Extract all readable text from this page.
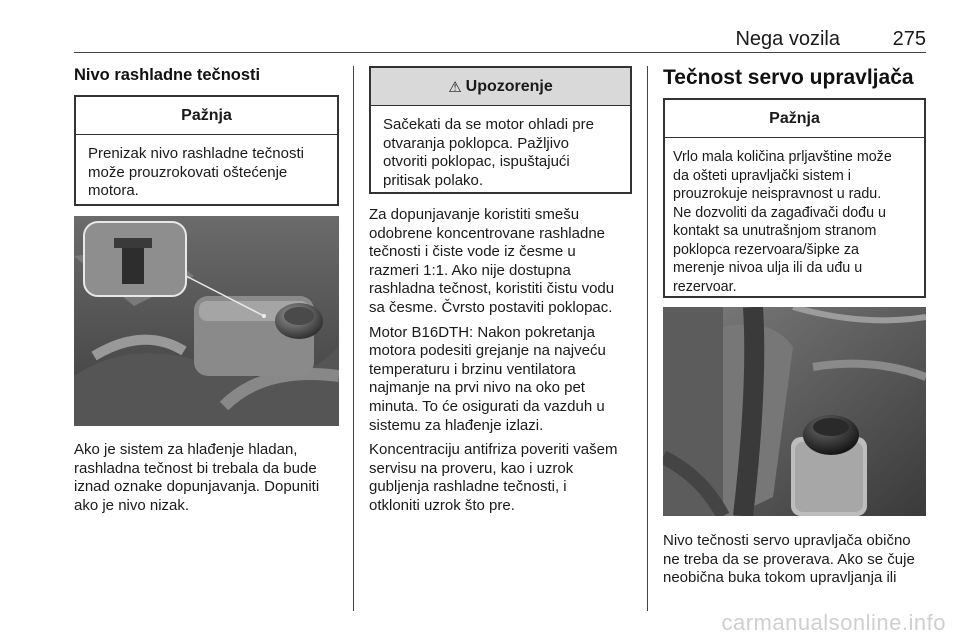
Nega vozila	275
Nivo rashladne tečnosti
Pažnja
Prenizak nivo rashladne tečnosti
može prouzrokovati oštećenje
motora.
Ako je sistem za hlađenje hladan,
rashladna tečnost bi trebala da bude
iznad oznake dopunjavanja. Dopuniti
ako je nivo nizak.
⚠ Upozorenje
Sačekati da se motor ohladi pre
otvaranja poklopca. Pažljivo
otvoriti poklopac, ispuštajući
pritisak polako.

Za dopunjavanje koristiti smešu
odobrene koncentrovane rashladne
tečnosti i čiste vode iz česme u
razmeri 1:1. Ako nije dostupna
rashladna tečnost, koristiti čistu vodu
sa česme. Čvrsto postaviti poklopac.

Motor B16DTH: Nakon pokretanja
motora podesiti grejanje na najveću
temperaturu i brzinu ventilatora
najmanje na prvi nivo na oko pet
minuta. To će osigurati da vazduh u
sistemu za hlađenje izlazi.

Koncentraciju antifriza poveriti vašem
servisu na proveru, kao i uzrok
gubljenja rashladne tečnosti, i
otkloniti uzrok što pre.

Tečnost servo upravljača
Pažnja
Vrlo mala količina prljavštine može
da ošteti upravljački sistem i
prouzrokuje neispravnost u radu.
Ne dozvoliti da zagađivači dođu u
kontakt sa unutrašnjom stranom
poklopca rezervoara/šipke za
merenje nivoa ulja ili da uđu u
rezervoar.
Nivo tečnosti servo upravljača obično
ne treba da se proverava. Ako se čuje
neobična buka tokom upravljanja ili
carmanualsonline.info
